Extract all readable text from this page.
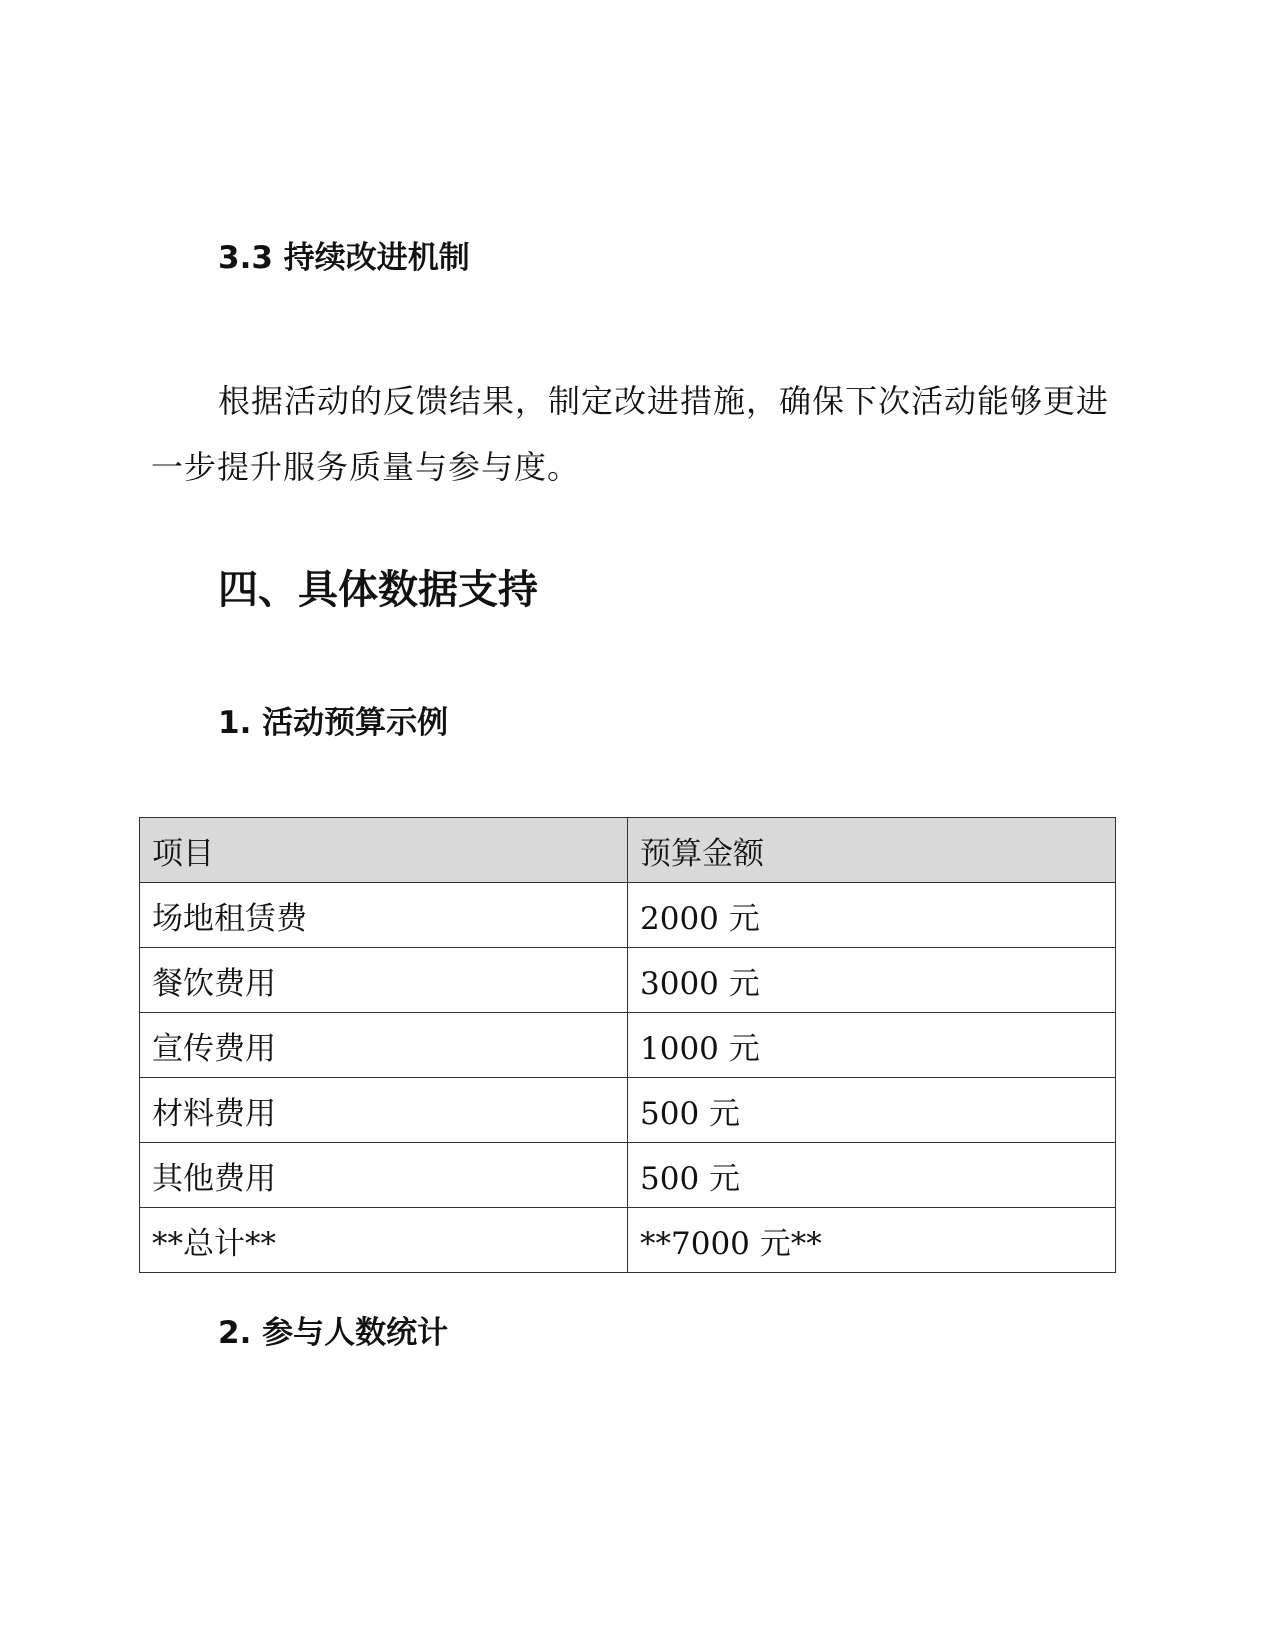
3.3 持续改进机制
根据活动的反馈结果，制定改进措施，确保下次活动能够更进一步提升服务质量与参与度。
四、具体数据支持
1. 活动预算示例
项目	预算金额
场地租赁费	2000 元
餐饮费用	3000 元
宣传费用	1000 元
材料费用	500 元
其他费用	500 元
**总计**	**7000 元**
2. 参与人数统计
